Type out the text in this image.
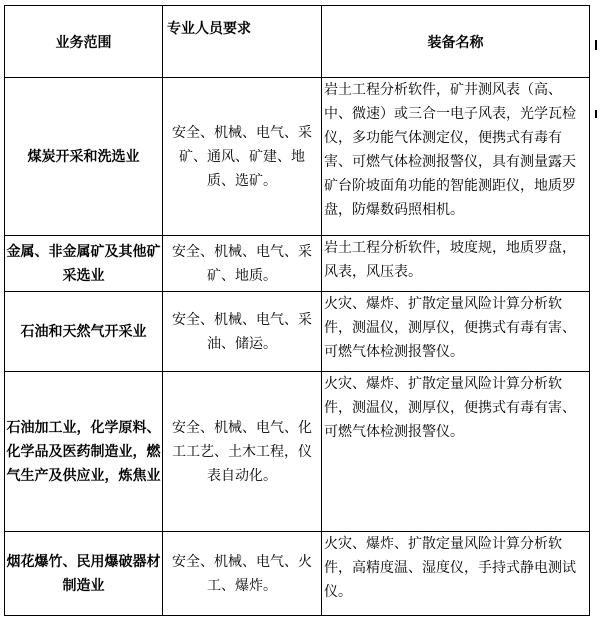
业务范围	专业人员要求	装备名称
煤炭开采和洗选业	安全、机械、电气、采矿、通风、矿建、地质、选矿。	岩土工程分析软件，矿井测风表（高、中、微速）或三合一电子风表，光学瓦检仪，多功能气体测定仪，便携式有毒有害、可燃气体检测报警仪，具有测量露天矿台阶坡面角功能的智能测距仪，地质罗盘，防爆数码照相机。
金属、非金属矿及其他矿采选业	安全、机械、电气、采矿、地质。	岩土工程分析软件，坡度规，地质罗盘，风表，风压表。
石油和天然气开采业	安全、机械、电气、采油、储运。	火灾、爆炸、扩散定量风险计算分析软件，测温仪，测厚仪，便携式有毒有害、可燃气体检测报警仪。
石油加工业，化学原料、化学品及医药制造业，燃气生产及供应业，炼焦业	安全、机械、电气、化工工艺、土木工程，仪表自动化。	火灾、爆炸、扩散定量风险计算分析软件，测温仪，测厚仪，便携式有毒有害、可燃气体检测报警仪。
烟花爆竹、民用爆破器材制造业	安全、机械、电气、火工、爆炸。	火灾、爆炸、扩散定量风险计算分析软件，高精度温、湿度仪，手持式静电测试仪。
